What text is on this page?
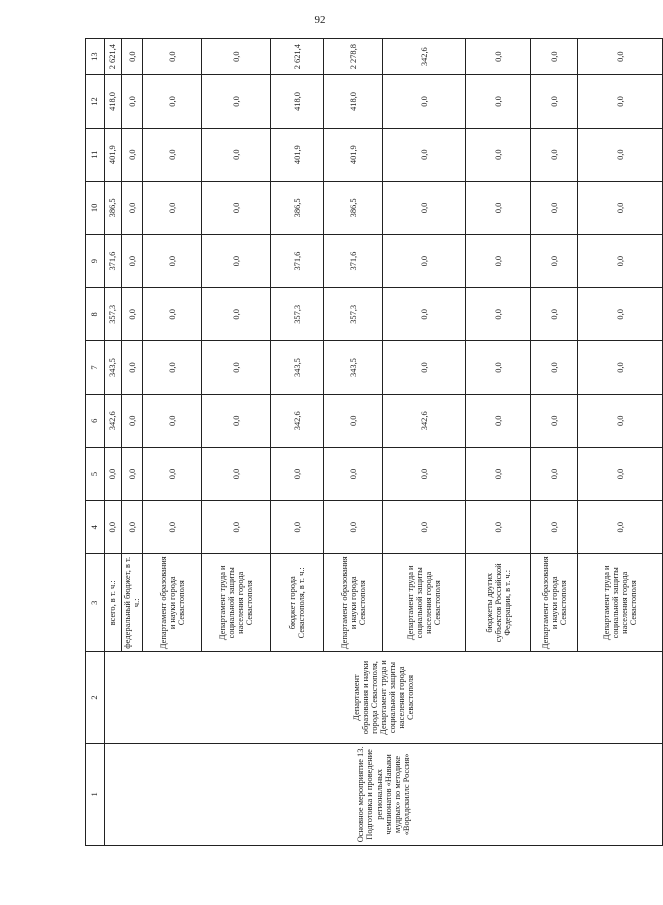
92
1	2	3	4	5	6	7	8	9	10	11	12	13
Основное мероприятие 13. Подготовка и проведение региональных чемпионатов «Навыки мудрых» по методике «Ворлдскиллс Россия»	Департамент образования и науки города Севастополя, Департамент труда и социальной защиты населения города Севастополя	всего, в т. ч.:	0,0	0,0	342,6	343,5	357,3	371,6	386,5	401,9	418,0	2 621,4
		федеральный бюджет, в т. ч.:	0,0	0,0	0,0	0,0	0,0	0,0	0,0	0,0	0,0	0,0
		Департамент образования и науки города Севастополя	0,0	0,0	0,0	0,0	0,0	0,0	0,0	0,0	0,0	0,0
		Департамент труда и социальной защиты населения города Севастополя	0,0	0,0	0,0	0,0	0,0	0,0	0,0	0,0	0,0	0,0
		бюджет города Севастополя, в т. ч.:	0,0	0,0	342,6	343,5	357,3	371,6	386,5	401,9	418,0	2 621,4
		Департамент образования и науки города Севастополя	0,0	0,0	0,0	343,5	357,3	371,6	386,5	401,9	418,0	2 278,8
		Департамент труда и социальной защиты населения города Севастополя	0,0	0,0	342,6	0,0	0,0	0,0	0,0	0,0	0,0	342,6
		бюджеты других субъектов Российской Федерации, в т. ч.:	0,0	0,0	0,0	0,0	0,0	0,0	0,0	0,0	0,0	0,0
		Департамент образования и науки города Севастополя	0,0	0,0	0,0	0,0	0,0	0,0	0,0	0,0	0,0	0,0
		Департамент труда и социальной защиты населения города Севастополя	0,0	0,0	0,0	0,0	0,0	0,0	0,0	0,0	0,0	0,0
